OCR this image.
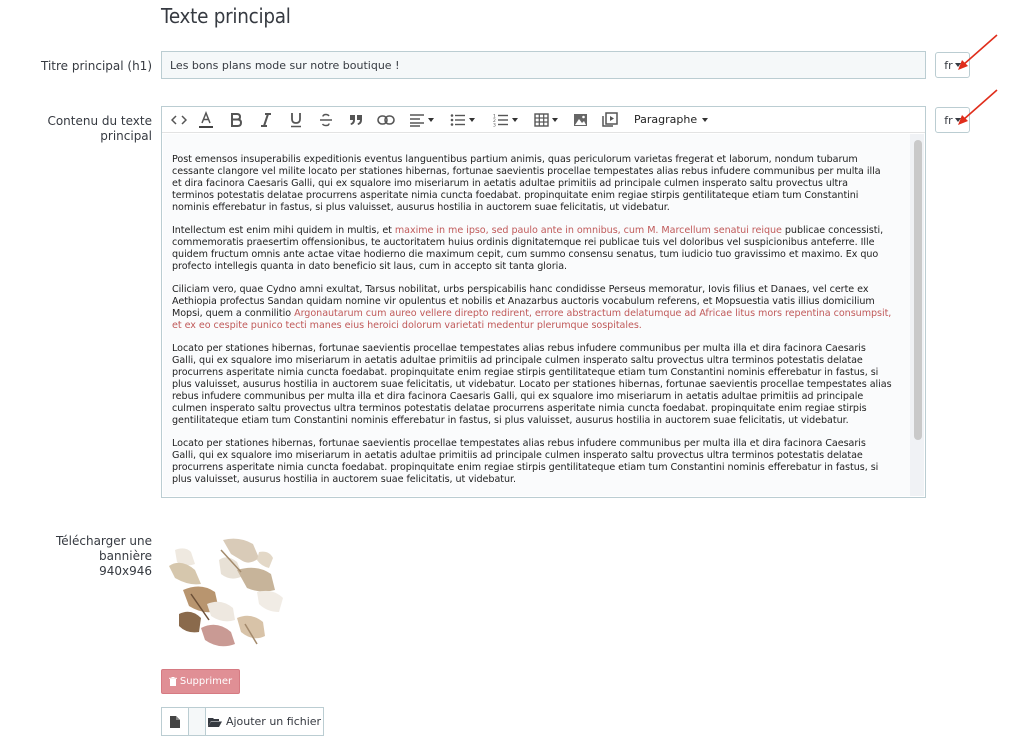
Texte principal
Titre principal (h1)
Les bons plans mode sur notre boutique !	fr
Contenu du texte principal
1
2
3	Paragraphe

Post emensos insuperabilis expeditionis eventus languentibus partium animis, quas periculorum varietas fregerat et laborum, nondum tubarum cessante clangore vel milite locato per stationes hibernas, fortunae saevientis procellae tempestates alias rebus infudere communibus per multa illa et dira facinora Caesaris Galli, qui ex squalore imo miseriarum in aetatis adultae primitiis ad principale culmen insperato saltu provectus ultra terminos potestatis delatae procurrens asperitate nimia cuncta foedabat. propinquitate enim regiae stirpis gentilitateque etiam tum Constantini nominis efferebatur in fastus, si plus valuisset, ausurus hostilia in auctorem suae felicitatis, ut videbatur.

Intellectum est enim mihi quidem in multis, et maxime in me ipso, sed paulo ante in omnibus, cum M. Marcellum senatui reique publicae concessisti, commemoratis praesertim offensionibus, te auctoritatem huius ordinis dignitatemque rei publicae tuis vel doloribus vel suspicionibus anteferre. Ille quidem fructum omnis ante actae vitae hodierno die maximum cepit, cum summo consensu senatus, tum iudicio tuo gravissimo et maximo. Ex quo profecto intellegis quanta in dato beneficio sit laus, cum in accepto sit tanta gloria.

Ciliciam vero, quae Cydno amni exultat, Tarsus nobilitat, urbs perspicabilis hanc condidisse Perseus memoratur, Iovis filius et Danaes, vel certe ex Aethiopia profectus Sandan quidam nomine vir opulentus et nobilis et Anazarbus auctoris vocabulum referens, et Mopsuestia vatis illius domicilium Mopsi, quem a conmilitio Argonautarum cum aureo vellere direpto redirent, errore abstractum delatumque ad Africae litus mors repentina consumpsit, et ex eo cespite punico tecti manes eius heroici dolorum varietati medentur plerumque sospitales.

Locato per stationes hibernas, fortunae saevientis procellae tempestates alias rebus infudere communibus per multa illa et dira facinora Caesaris Galli, qui ex squalore imo miseriarum in aetatis adultae primitiis ad principale culmen insperato saltu provectus ultra terminos potestatis delatae procurrens asperitate nimia cuncta foedabat. propinquitate enim regiae stirpis gentilitateque etiam tum Constantini nominis efferebatur in fastus, si plus valuisset, ausurus hostilia in auctorem suae felicitatis, ut videbatur. Locato per stationes hibernas, fortunae saevientis procellae tempestates alias rebus infudere communibus per multa illa et dira facinora Caesaris Galli, qui ex squalore imo miseriarum in aetatis adultae primitiis ad principale culmen insperato saltu provectus ultra terminos potestatis delatae procurrens asperitate nimia cuncta foedabat. propinquitate enim regiae stirpis gentilitateque etiam tum Constantini nominis efferebatur in fastus, si plus valuisset, ausurus hostilia in auctorem suae felicitatis, ut videbatur.

Locato per stationes hibernas, fortunae saevientis procellae tempestates alias rebus infudere communibus per multa illa et dira facinora Caesaris Galli, qui ex squalore imo miseriarum in aetatis adultae primitiis ad principale culmen insperato saltu provectus ultra terminos potestatis delatae procurrens asperitate nimia cuncta foedabat. propinquitate enim regiae stirpis gentilitateque etiam tum Constantini nominis efferebatur in fastus, si plus valuisset, ausurus hostilia in auctorem suae felicitatis, ut videbatur.

fr
Télécharger une bannière
940x946
Supprimer
Ajouter un fichier
